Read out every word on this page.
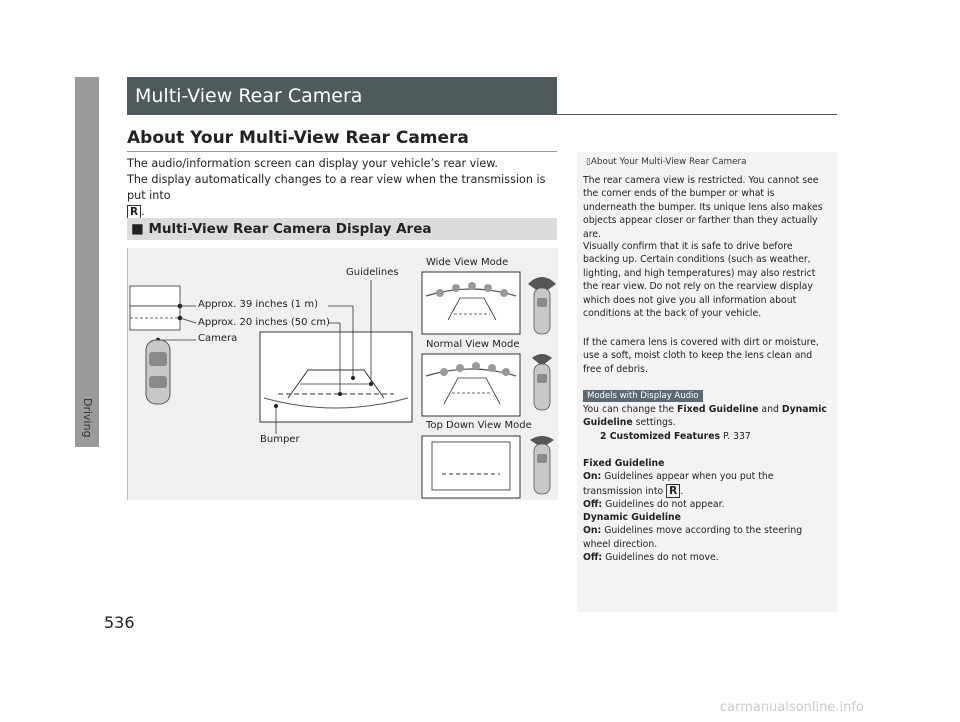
Driving
Multi-View Rear Camera
About Your Multi-View Rear Camera
The audio/information screen can display your vehicle’s rear view.
The display automatically changes to a rear view when the transmission is put into
R .
■ Multi-View Rear Camera Display Area
Guidelines
Wide View Mode
Approx. 39 inches (1 m)
Approx. 20 inches (50 cm)
Camera
Normal View Mode
Bumper
Top Down View Mode
▯About Your Multi-View Rear Camera
The rear camera view is restricted. You cannot see the corner ends of the bumper or what is underneath the bumper. Its unique lens also makes objects appear closer or farther than they actually are.
Visually confirm that it is safe to drive before backing up. Certain conditions (such as weather, lighting, and high temperatures) may also restrict the rear view. Do not rely on the rearview display which does not give you all information about conditions at the back of your vehicle.
If the camera lens is covered with dirt or moisture, use a soft, moist cloth to keep the lens clean and free of debris.
Models with Display Audio
You can change the Fixed Guideline and Dynamic Guideline settings.
2 Customized Features P. 337
Fixed Guideline
On: Guidelines appear when you put the transmission into R .
Off: Guidelines do not appear.
Dynamic Guideline
On: Guidelines move according to the steering wheel direction.
Off: Guidelines do not move.
536
carmanualsonline.info
